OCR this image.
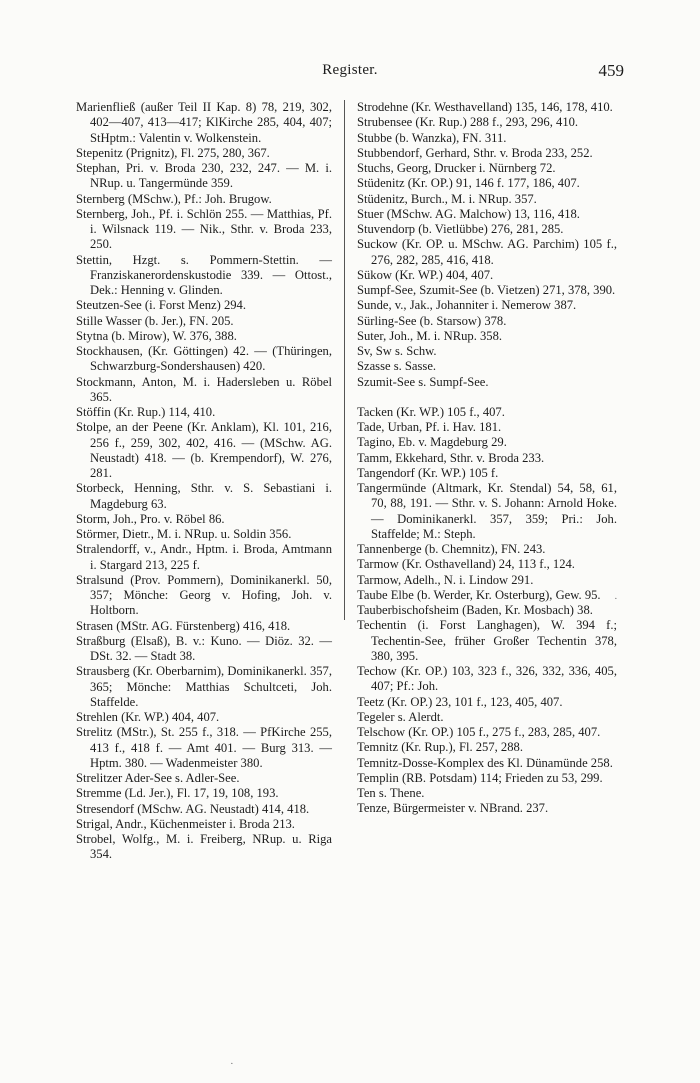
Register.	459

Marienfließ (außer Teil II Kap. 8) 78, 219, 302, 402—407, 413—417; KlKirche 285, 404, 407; StHptm.: Valentin v. Wolkenstein.

Stepenitz (Prignitz), Fl. 275, 280, 367.

Stephan, Pri. v. Broda 230, 232, 247. — M. i. NRup. u. Tangermünde 359.

Sternberg (MSchw.), Pf.: Joh. Brugow.

Sternberg, Joh., Pf. i. Schlön 255. — Matthias, Pf. i. Wilsnack 119. — Nik., Sthr. v. Broda 233, 250.

Stettin, Hzgt. s. Pommern-Stettin. — Franziskanerordenskustodie 339. — Ottost., Dek.: Henning v. Glinden.

Steutzen-See (i. Forst Menz) 294.

Stille Wasser (b. Jer.), FN. 205.

Stytna (b. Mirow), W. 376, 388.

Stockhausen, (Kr. Göttingen) 42. — (Thüringen, Schwarzburg-Sondershausen) 420.

Stockmann, Anton, M. i. Hadersleben u. Röbel 365.

Stöffin (Kr. Rup.) 114, 410.

Stolpe, an der Peene (Kr. Anklam), Kl. 101, 216, 256 f., 259, 302, 402, 416. — (MSchw. AG. Neustadt) 418. — (b. Krempendorf), W. 276, 281.

Storbeck, Henning, Sthr. v. S. Sebastiani i. Magdeburg 63.

Storm, Joh., Pro. v. Röbel 86.

Störmer, Dietr., M. i. NRup. u. Soldin 356.

Stralendorff, v., Andr., Hptm. i. Broda, Amtmann i. Stargard 213, 225 f.

Stralsund (Prov. Pommern), Dominikanerkl. 50, 357; Mönche: Georg v. Hofing, Joh. v. Holtborn.

Strasen (MStr. AG. Fürstenberg) 416, 418.

Straßburg (Elsaß), B. v.: Kuno. — Diöz. 32. — DSt. 32. — Stadt 38.

Strausberg (Kr. Oberbarnim), Dominikanerkl. 357, 365; Mönche: Matthias Schultceti, Joh. Staffelde.

Strehlen (Kr. WP.) 404, 407.

Strelitz (MStr.), St. 255 f., 318. — PfKirche 255, 413 f., 418 f. — Amt 401. — Burg 313. — Hptm. 380. — Wadenmeister 380.

Strelitzer Ader-See s. Adler-See.

Stremme (Ld. Jer.), Fl. 17, 19, 108, 193.

Stresendorf (MSchw. AG. Neustadt) 414, 418.

Strigal, Andr., Küchenmeister i. Broda 213.

Strobel, Wolfg., M. i. Freiberg, NRup. u. Riga 354.

Strodehne (Kr. Westhavelland) 135, 146, 178, 410.

Strubensee (Kr. Rup.) 288 f., 293, 296, 410.

Stubbe (b. Wanzka), FN. 311.

Stubbendorf, Gerhard, Sthr. v. Broda 233, 252.

Stuchs, Georg, Drucker i. Nürnberg 72.

Stüdenitz (Kr. OP.) 91, 146 f. 177, 186, 407.

Stüdenitz, Burch., M. i. NRup. 357.

Stuer (MSchw. AG. Malchow) 13, 116, 418.

Stuvendorp (b. Vietlübbe) 276, 281, 285.

Suckow (Kr. OP. u. MSchw. AG. Parchim) 105 f., 276, 282, 285, 416, 418.

Sükow (Kr. WP.) 404, 407.

Sumpf-See, Szumit-See (b. Vietzen) 271, 378, 390.

Sunde, v., Jak., Johanniter i. Nemerow 387.

Sürling-See (b. Starsow) 378.

Suter, Joh., M. i. NRup. 358.

Sv, Sw s. Schw.

Szasse s. Sasse.

Szumit-See s. Sumpf-See.

Tacken (Kr. WP.) 105 f., 407.

Tade, Urban, Pf. i. Hav. 181.

Tagino, Eb. v. Magdeburg 29.

Tamm, Ekkehard, Sthr. v. Broda 233.

Tangendorf (Kr. WP.) 105 f.

Tangermünde (Altmark, Kr. Stendal) 54, 58, 61, 70, 88, 191. — Sthr. v. S. Johann: Arnold Hoke. — Dominikanerkl. 357, 359; Pri.: Joh. Staffelde; M.: Steph.

Tannenberge (b. Chemnitz), FN. 243.

Tarmow (Kr. Osthavelland) 24, 113 f., 124.

Tarmow, Adelh., N. i. Lindow 291.

Taube Elbe (b. Werder, Kr. Osterburg), Gew. 95.

Tauberbischofsheim (Baden, Kr. Mosbach) 38.

Techentin (i. Forst Langhagen), W. 394 f.; Techentin-See, früher Großer Techentin 378, 380, 395.

Techow (Kr. OP.) 103, 323 f., 326, 332, 336, 405, 407; Pf.: Joh.

Teetz (Kr. OP.) 23, 101 f., 123, 405, 407.

Tegeler s. Alerdt.

Telschow (Kr. OP.) 105 f., 275 f., 283, 285, 407.

Temnitz (Kr. Rup.), Fl. 257, 288.

Temnitz-Dosse-Komplex des Kl. Dünamünde 258.

Templin (RB. Potsdam) 114; Frieden zu 53, 299.

Ten s. Thene.

Tenze, Bürgermeister v. NBrand. 237.

·
·
